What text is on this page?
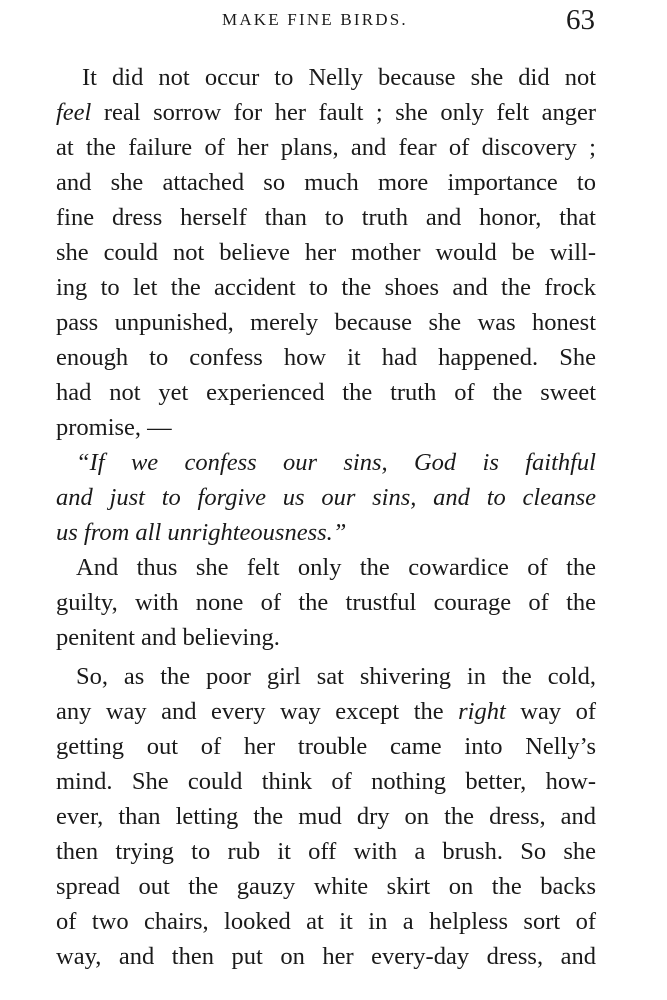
MAKE FINE BIRDS.	63
It did not occur to Nelly because she did not
feel real sorrow for her fault ; she only felt anger
at the failure of her plans, and fear of discovery ;
and she attached so much more importance to
fine dress herself than to truth and honor, that
she could not believe her mother would be will-
ing to let the accident to the shoes and the frock
pass unpunished, merely because she was honest
enough to confess how it had happened. She
had not yet experienced the truth of the sweet
promise, —
“If we confess our sins, God is faithful
and just to forgive us our sins, and to cleanse
us from all unrighteousness.”
And thus she felt only the cowardice of the
guilty, with none of the trustful courage of the
penitent and believing.
So, as the poor girl sat shivering in the cold,
any way and every way except the right way of
getting out of her trouble came into Nelly’s
mind. She could think of nothing better, how-
ever, than letting the mud dry on the dress, and
then trying to rub it off with a brush. So she
spread out the gauzy white skirt on the backs
of two chairs, looked at it in a helpless sort of
way, and then put on her every-day dress, and
